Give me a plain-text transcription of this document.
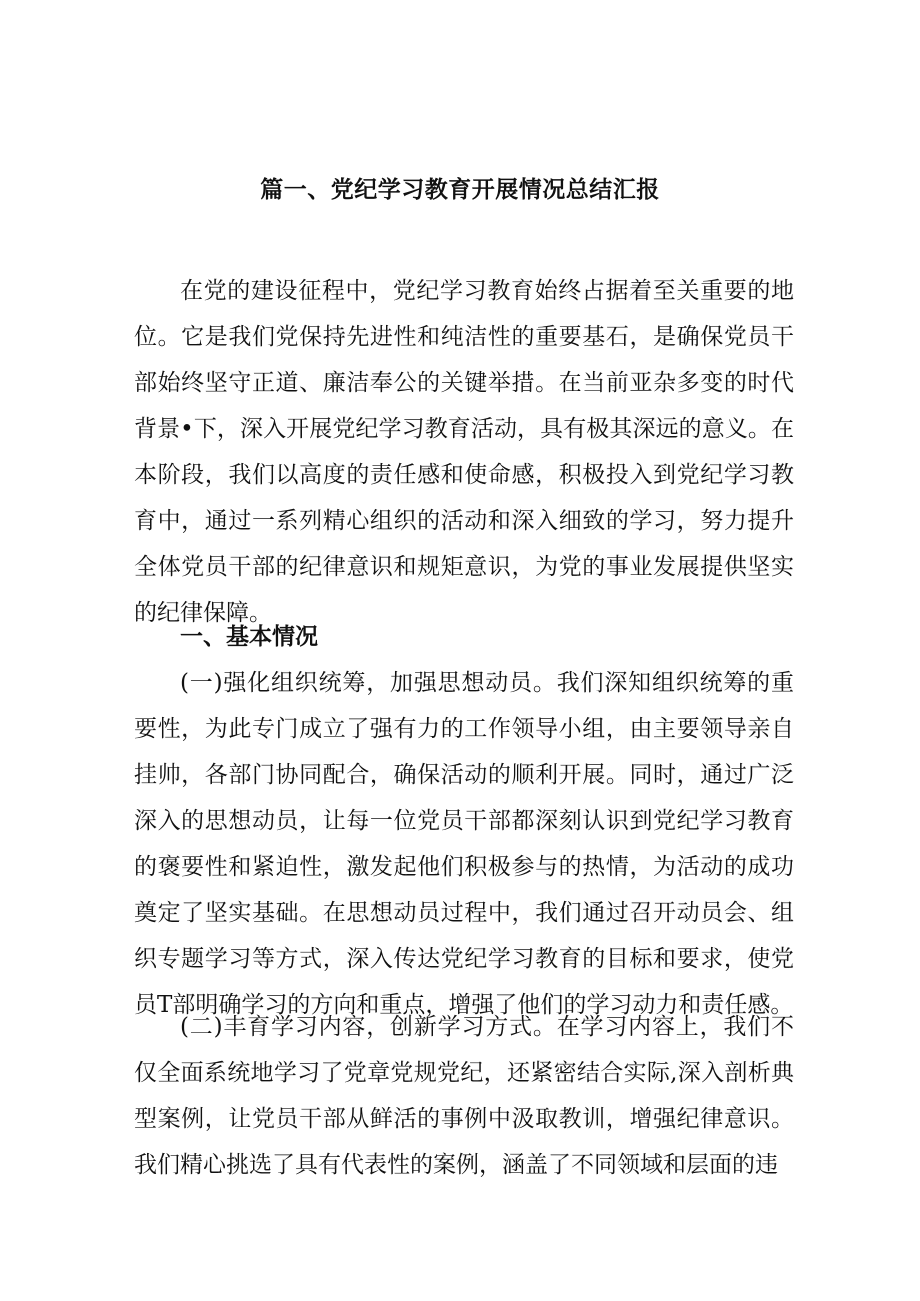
篇一、党纪学习教育开展情况总结汇报
在党的建设征程中，党纪学习教育始终占据着至关重要的地位。它是我们党保持先进性和纯洁性的重要基石，是确保党员干部始终坚守正道、廉洁奉公的关键举措。在当前亚杂多变的时代背景•下，深入开展党纪学习教育活动，具有极其深远的意义。在本阶段，我们以高度的责任感和使命感，积极投入到党纪学习教育中，通过一系列精心组织的活动和深入细致的学习，努力提升全体党员干部的纪律意识和规矩意识，为党的事业发展提供坚实的纪律保障。
一、基本情况
(一)强化组织统筹，加强思想动员。我们深知组织统筹的重要性，为此专门成立了强有力的工作领导小组，由主要领导亲自挂帅，各部门协同配合，确保活动的顺利开展。同时，通过广泛深入的思想动员，让每一位党员干部都深刻认识到党纪学习教育的褒要性和紧迫性，激发起他们积极参与的热情，为活动的成功奠定了坚实基础。在思想动员过程中，我们通过召开动员会、组织专题学习等方式，深入传达党纪学习教育的目标和要求，使党员T部明确学习的方向和重点，增强了他们的学习动力和责任感。
(二)丰育学习内容，创新学习方式。在学习内容上，我们不仅全面系统地学习了党章党规党纪，还紧密结合实际,深入剖析典型案例，让党员干部从鲜活的事例中汲取教训，增强纪律意识。我们精心挑选了具有代表性的案例，涵盖了不同领域和层面的违
